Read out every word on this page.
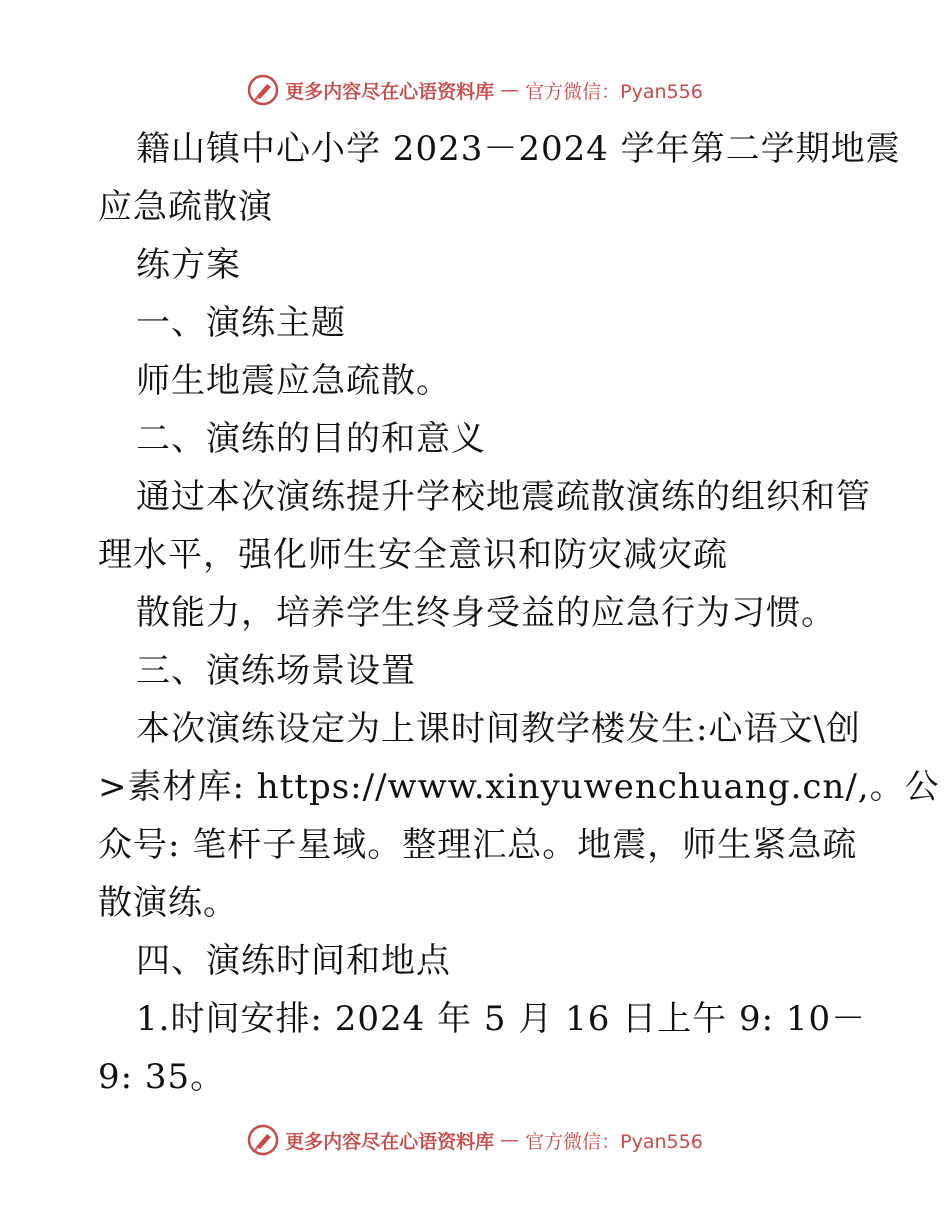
更多内容尽在心语资料库 — 官方微信：Pyan556
籍山镇中心小学 2023－2024 学年第二学期地震
应急疏散演
练方案
一、演练主题
师生地震应急疏散。
二、演练的目的和意义
通过本次演练提升学校地震疏散演练的组织和管
理水平，强化师生安全意识和防灾减灾疏
散能力，培养学生终身受益的应急行为习惯。
三、演练场景设置
本次演练设定为上课时间教学楼发生:心语文\创
>素材库: https://www.xinyuwenchuang.cn/,。公
众号: 笔杆子星域。整理汇总。地震，师生紧急疏
散演练。
四、演练时间和地点
1.时间安排: 2024 年 5 月 16 日上午 9: 10－
9: 35。
更多内容尽在心语资料库 — 官方微信：Pyan556
